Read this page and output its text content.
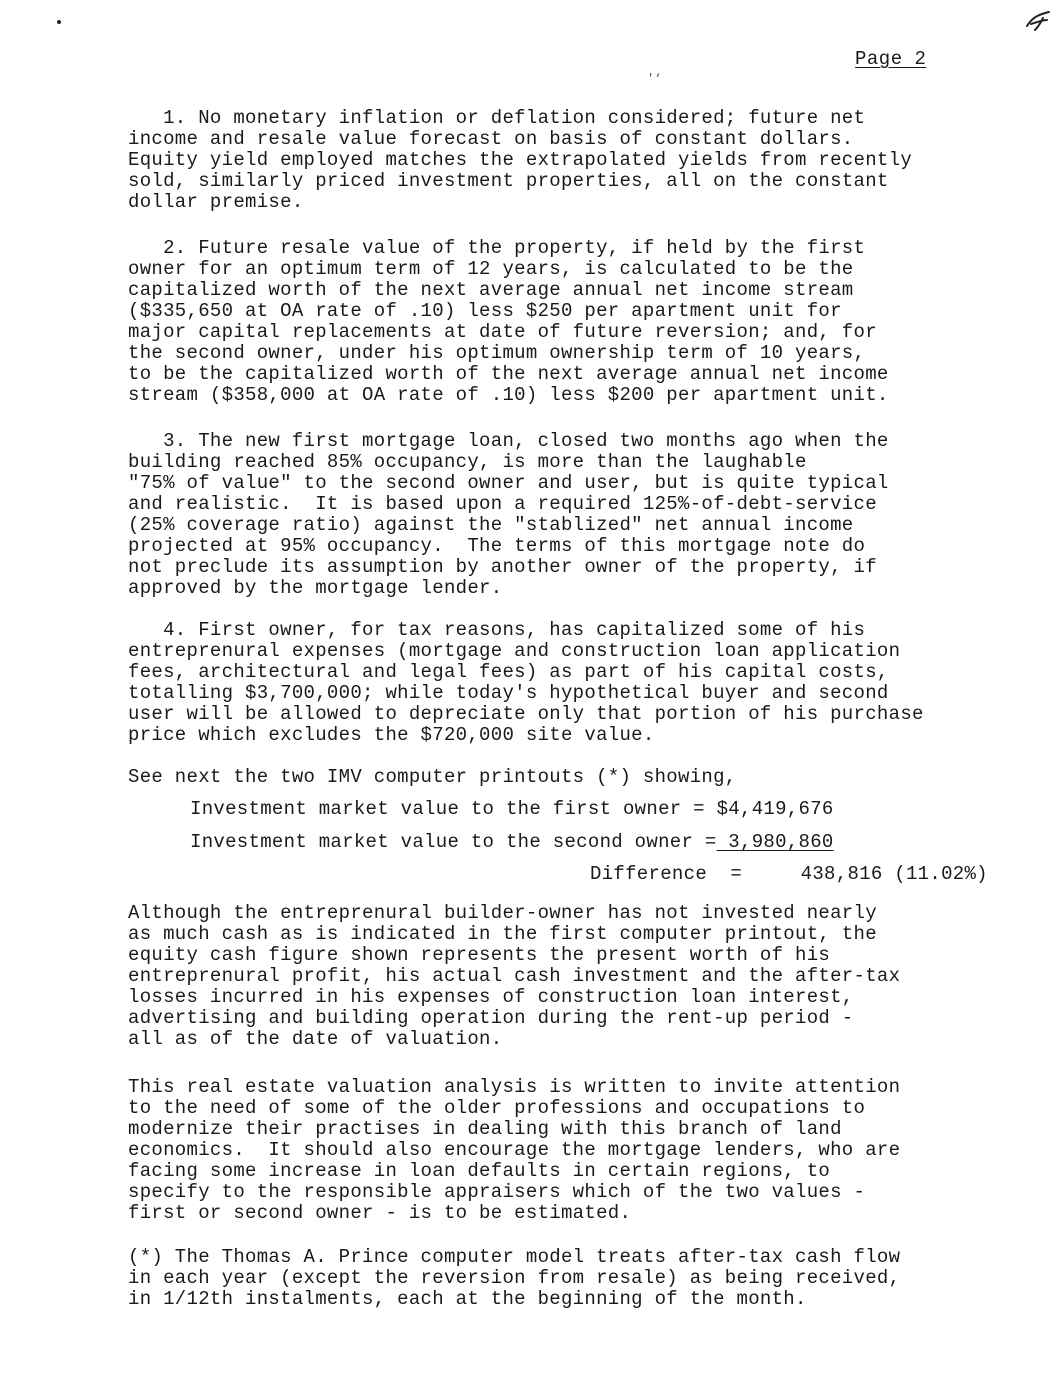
Page 2
'‘
1. No monetary inflation or deflation considered; future net
income and resale value forecast on basis of constant dollars.
Equity yield employed matches the extrapolated yields from recently
sold, similarly priced investment properties, all on the constant
dollar premise.
2. Future resale value of the property, if held by the first
owner for an optimum term of 12 years, is calculated to be the
capitalized worth of the next average annual net income stream
($335,650 at OA rate of .10) less $250 per apartment unit for
major capital replacements at date of future reversion; and, for
the second owner, under his optimum ownership term of 10 years,
to be the capitalized worth of the next average annual net income
stream ($358,000 at OA rate of .10) less $200 per apartment unit.
3. The new first mortgage loan, closed two months ago when the
building reached 85% occupancy, is more than the laughable
"75% of value" to the second owner and user, but is quite typical
and realistic.  It is based upon a required 125%-of-debt-service
(25% coverage ratio) against the "stablized" net annual income
projected at 95% occupancy.  The terms of this mortgage note do
not preclude its assumption by another owner of the property, if
approved by the mortgage lender.
4. First owner, for tax reasons, has capitalized some of his
entreprenural expenses (mortgage and construction loan application
fees, architectural and legal fees) as part of his capital costs,
totalling $3,700,000; while today's hypothetical buyer and second
user will be allowed to depreciate only that portion of his purchase
price which excludes the $720,000 site value.
See next the two IMV computer printouts (*) showing,
Investment market value to the first owner = $4,419,676
Investment market value to the second owner = 3,980,860
Difference  =     438,816 (11.02%)
Although the entreprenural builder-owner has not invested nearly
as much cash as is indicated in the first computer printout, the
equity cash figure shown represents the present worth of his
entreprenural profit, his actual cash investment and the after-tax
losses incurred in his expenses of construction loan interest,
advertising and building operation during the rent-up period -
all as of the date of valuation.
This real estate valuation analysis is written to invite attention
to the need of some of the older professions and occupations to
modernize their practises in dealing with this branch of land
economics.  It should also encourage the mortgage lenders, who are
facing some increase in loan defaults in certain regions, to
specify to the responsible appraisers which of the two values -
first or second owner - is to be estimated.
(*) The Thomas A. Prince computer model treats after-tax cash flow
in each year (except the reversion from resale) as being received,
in 1/12th instalments, each at the beginning of the month.
